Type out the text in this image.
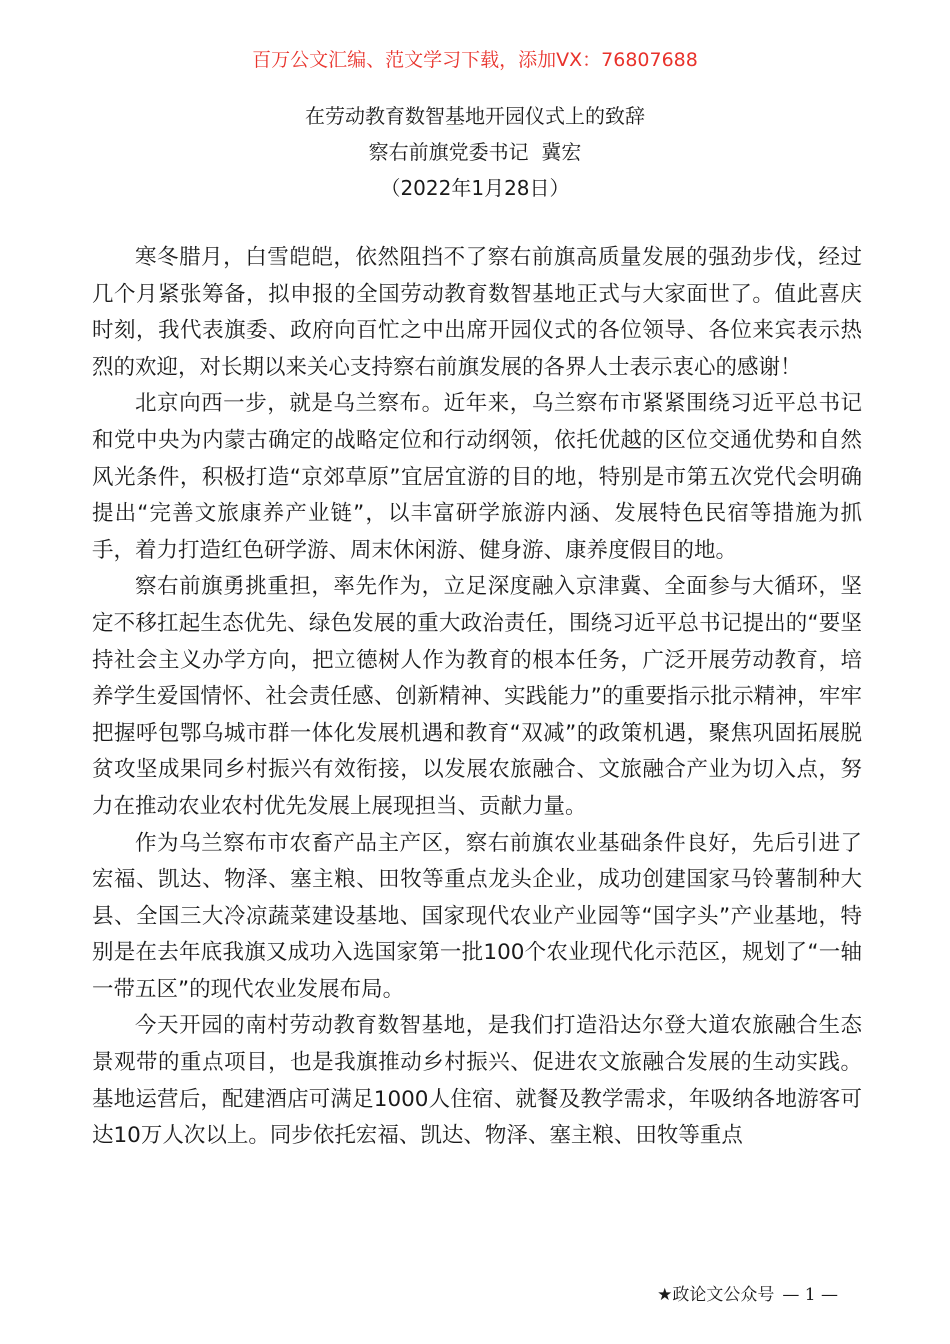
百万公文汇编、范文学习下载，添加VX：76807688
在劳动教育数智基地开园仪式上的致辞
察右前旗党委书记  冀宏
（2022年1月28日）

寒冬腊月，白雪皑皑，依然阻挡不了察右前旗高质量发展的强劲步伐，经过几个月紧张筹备，拟申报的全国劳动教育数智基地正式与大家面世了。值此喜庆时刻，我代表旗委、政府向百忙之中出席开园仪式的各位领导、各位来宾表示热烈的欢迎，对长期以来关心支持察右前旗发展的各界人士表示衷心的感谢！

北京向西一步，就是乌兰察布。近年来，乌兰察布市紧紧围绕习近平总书记和党中央为内蒙古确定的战略定位和行动纲领，依托优越的区位交通优势和自然风光条件，积极打造“京郊草原”宜居宜游的目的地，特别是市第五次党代会明确提出“完善文旅康养产业链”，以丰富研学旅游内涵、发展特色民宿等措施为抓手，着力打造红色研学游、周末休闲游、健身游、康养度假目的地。

察右前旗勇挑重担，率先作为，立足深度融入京津冀、全面参与大循环，坚定不移扛起生态优先、绿色发展的重大政治责任，围绕习近平总书记提出的“要坚持社会主义办学方向，把立德树人作为教育的根本任务，广泛开展劳动教育，培养学生爱国情怀、社会责任感、创新精神、实践能力”的重要指示批示精神，牢牢把握呼包鄂乌城市群一体化发展机遇和教育“双减”的政策机遇，聚焦巩固拓展脱贫攻坚成果同乡村振兴有效衔接，以发展农旅融合、文旅融合产业为切入点，努力在推动农业农村优先发展上展现担当、贡献力量。

作为乌兰察布市农畜产品主产区，察右前旗农业基础条件良好，先后引进了宏福、凯达、物泽、塞主粮、田牧等重点龙头企业，成功创建国家马铃薯制种大县、全国三大冷凉蔬菜建设基地、国家现代农业产业园等“国字头”产业基地，特别是在去年底我旗又成功入选国家第一批100个农业现代化示范区，规划了“一轴一带五区”的现代农业发展布局。

今天开园的南村劳动教育数智基地，是我们打造沿达尔登大道农旅融合生态景观带的重点项目，也是我旗推动乡村振兴、促进农文旅融合发展的生动实践。基地运营后，配建酒店可满足1000人住宿、就餐及教学需求，年吸纳各地游客可达10万人次以上。同步依托宏福、凯达、物泽、塞主粮、田牧等重点

★政论文公众号 — 1 —
